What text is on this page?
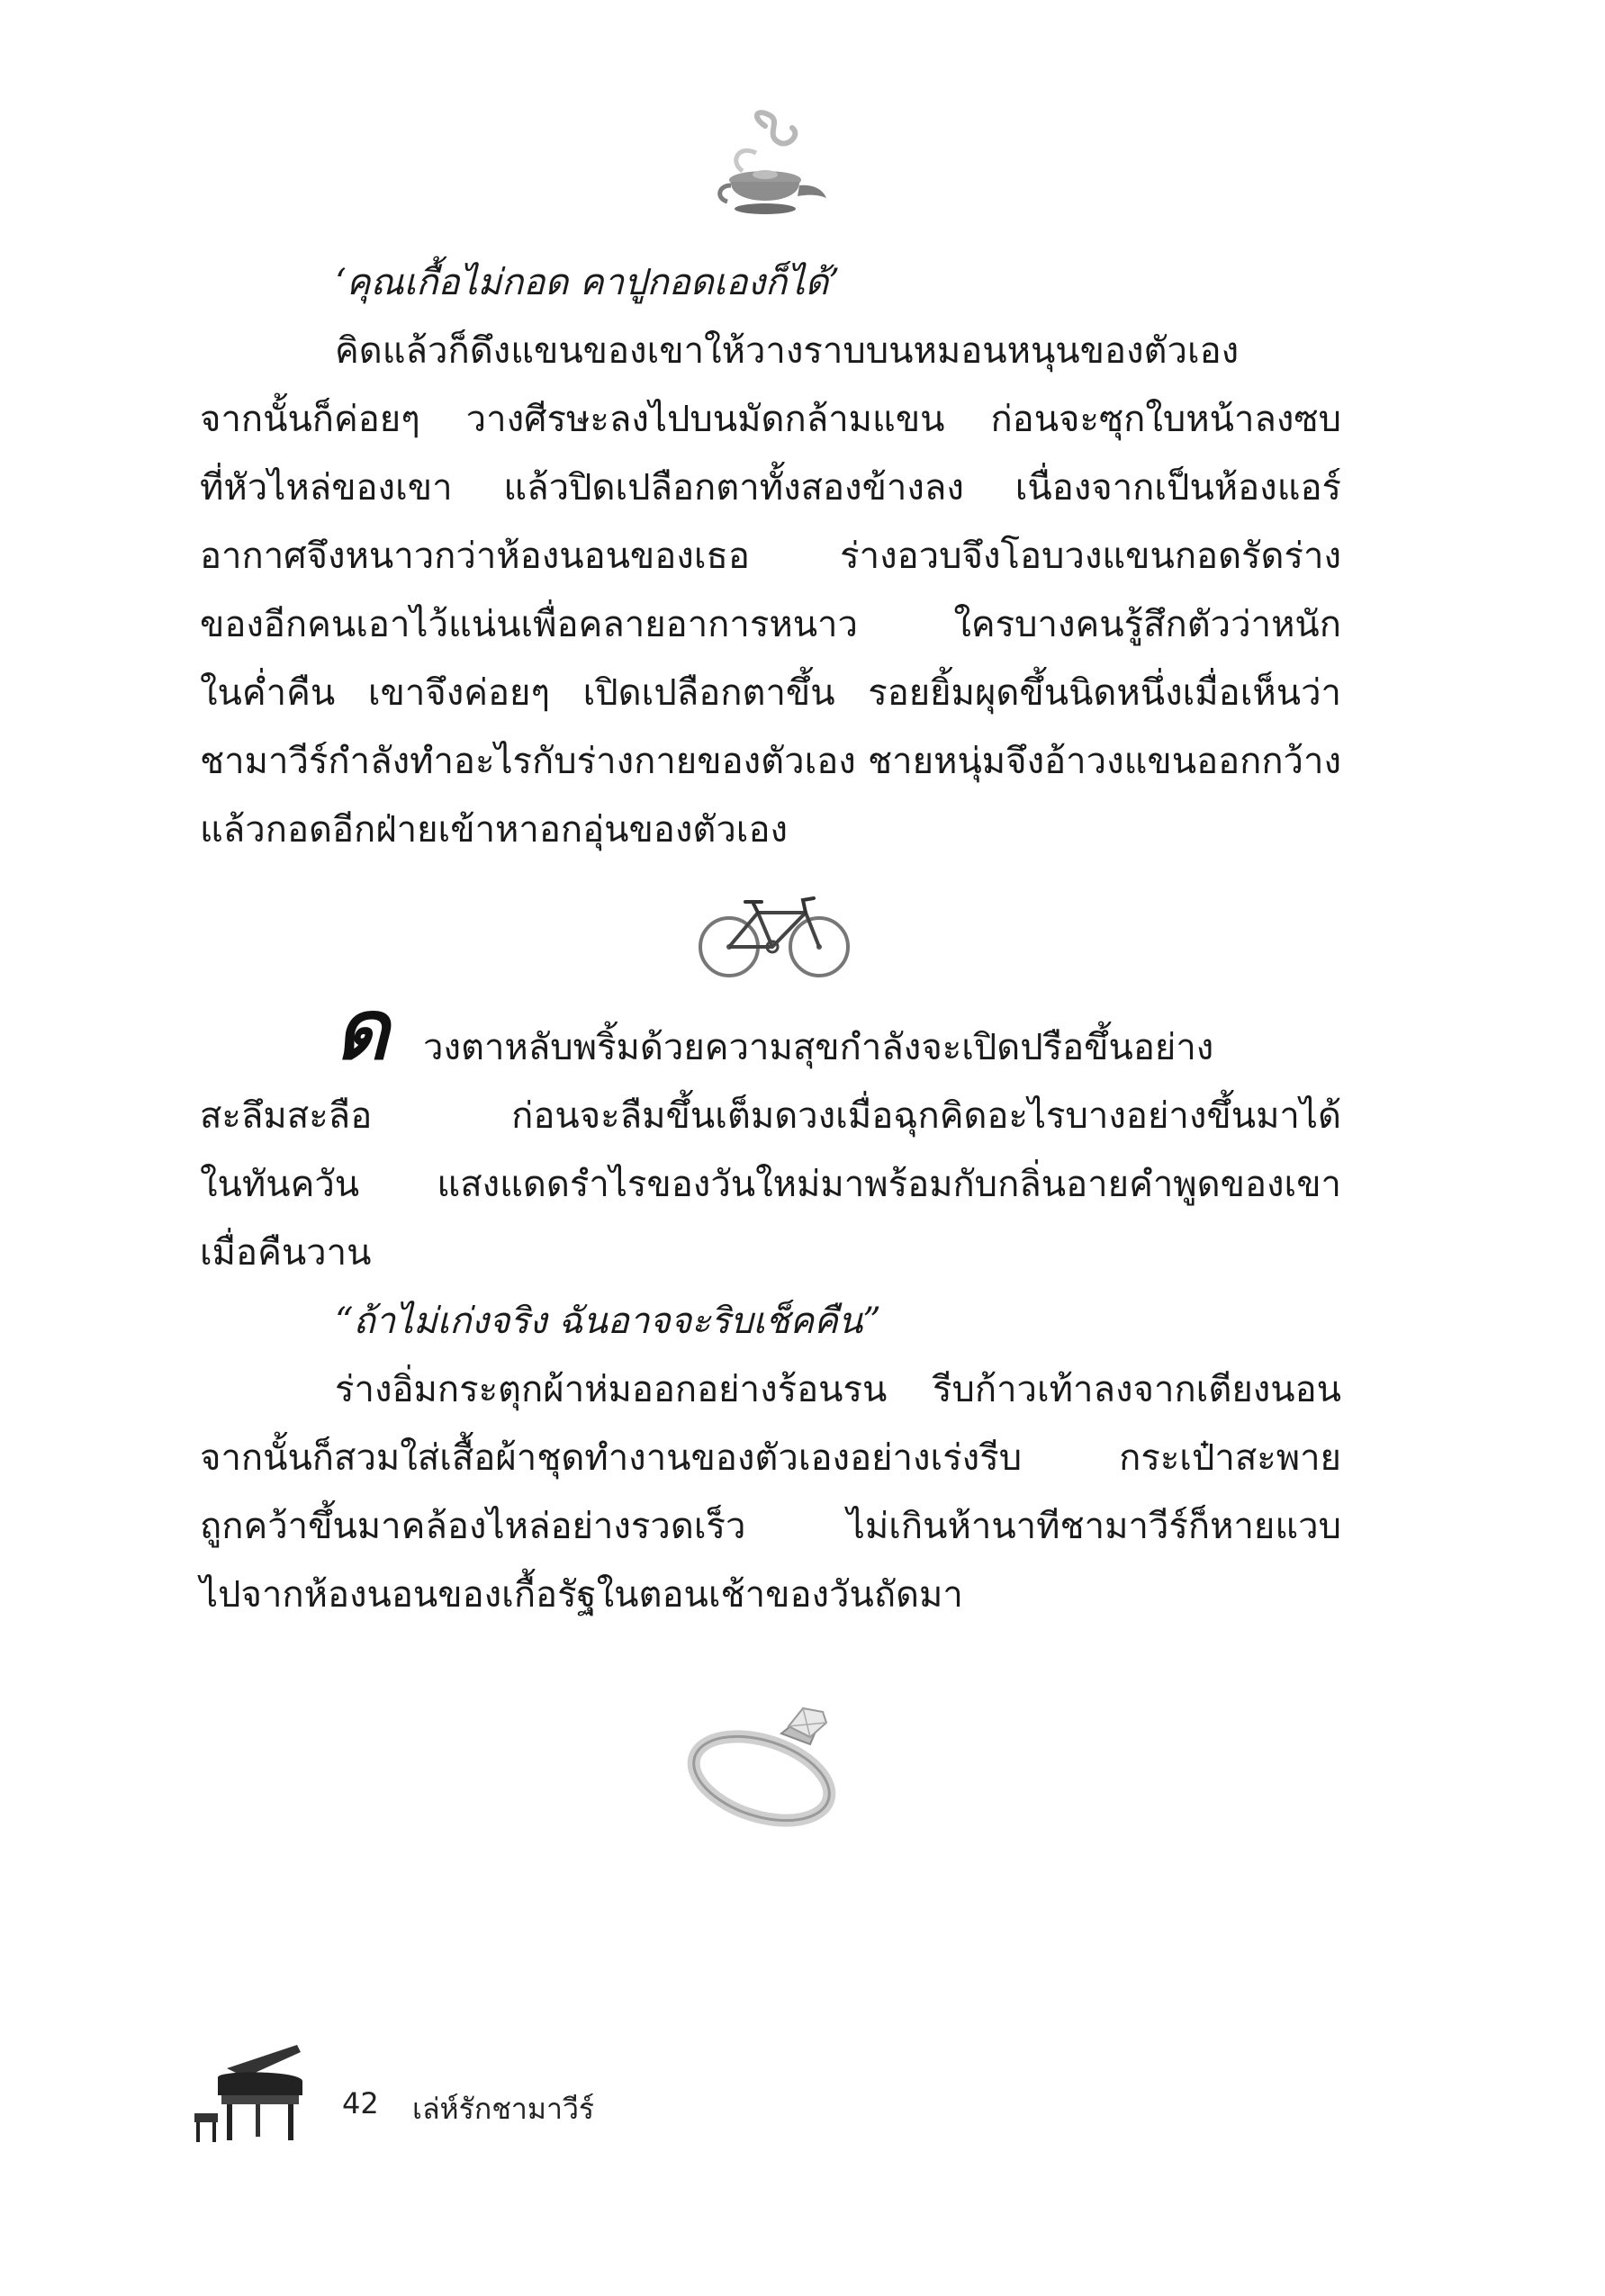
‘คุณเกื้อไม่กอด คาปูกอดเองก็ได้’
คิดแล้วก็ดึงแขนของเขาให้วางราบบนหมอนหนุนของตัวเอง
จากนั้นก็ค่อยๆ วางศีรษะลงไปบนมัดกล้ามแขน ก่อนจะซุกใบหน้าลงซบ
ที่หัวไหล่ของเขา แล้วปิดเปลือกตาทั้งสองข้างลง เนื่องจากเป็นห้องแอร์
อากาศจึงหนาวกว่าห้องนอนของเธอ ร่างอวบจึงโอบวงแขนกอดรัดร่าง
ของอีกคนเอาไว้แน่นเพื่อคลายอาการหนาว ใครบางคนรู้สึกตัวว่าหนัก
ในค่ำคืน เขาจึงค่อยๆ เปิดเปลือกตาขึ้น รอยยิ้มผุดขึ้นนิดหนึ่งเมื่อเห็นว่า
ชามาวีร์กำลังทำอะไรกับร่างกายของตัวเอง ชายหนุ่มจึงอ้าวงแขนออกกว้าง
แล้วกอดอีกฝ่ายเข้าหาอกอุ่นของตัวเอง
ด วงตาหลับพริ้มด้วยความสุขกำลังจะเปิดปรือขึ้นอย่าง
สะลึมสะลือ ก่อนจะลืมขึ้นเต็มดวงเมื่อฉุกคิดอะไรบางอย่างขึ้นมาได้
ในทันควัน แสงแดดรำไรของวันใหม่มาพร้อมกับกลิ่นอายคำพูดของเขา
เมื่อคืนวาน
“ถ้าไม่เก่งจริง ฉันอาจจะริบเช็คคืน”
ร่างอิ่มกระตุกผ้าห่มออกอย่างร้อนรน รีบก้าวเท้าลงจากเตียงนอน
จากนั้นก็สวมใส่เสื้อผ้าชุดทำงานของตัวเองอย่างเร่งรีบ กระเป๋าสะพาย
ถูกคว้าขึ้นมาคล้องไหล่อย่างรวดเร็ว ไม่เกินห้านาทีชามาวีร์ก็หายแวบ
ไปจากห้องนอนของเกื้อรัฐในตอนเช้าของวันถัดมา
42 เล่ห์รักชามาวีร์
